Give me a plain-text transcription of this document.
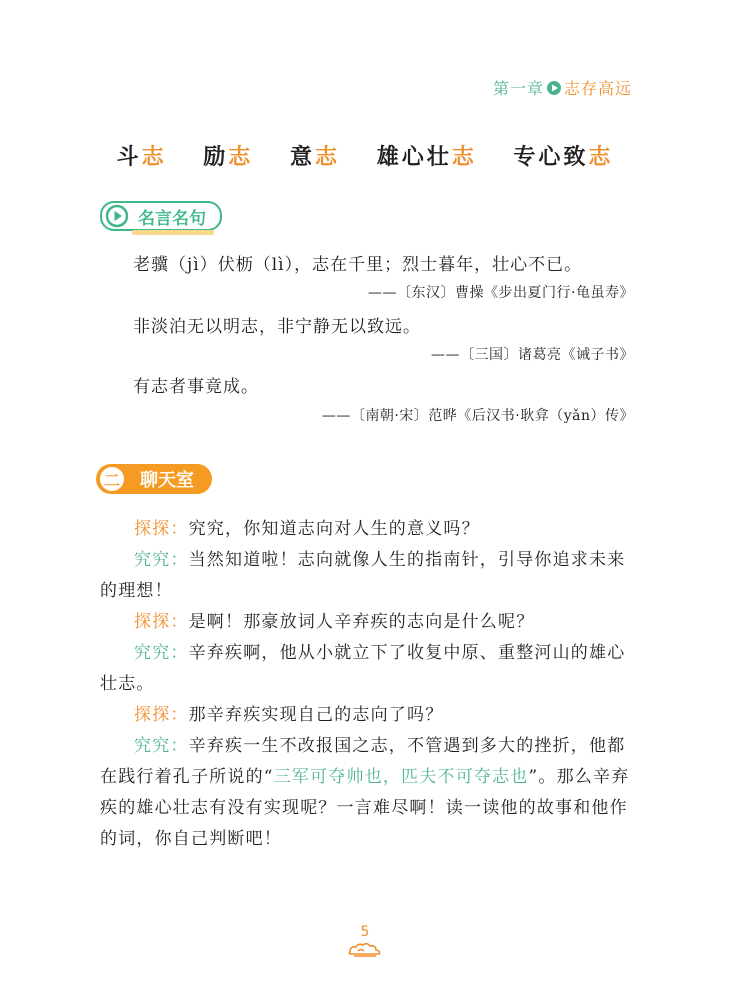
第一章 志存高远
斗志 励志 意志 雄心壮志 专心致志
名言名句
老骥（jì）伏枥（lì），志在千里；烈士暮年，壮心不已。
——〔东汉〕曹操《步出夏门行·龟虽寿》
非淡泊无以明志，非宁静无以致远。
——〔三国〕诸葛亮《诫子书》
有志者事竟成。
——〔南朝·宋〕范晔《后汉书·耿弇（yǎn）传》
二	聊天室

探探：究究，你知道志向对人生的意义吗？

究究：当然知道啦！志向就像人生的指南针，引导你追求未来的理想！

探探：是啊！那豪放词人辛弃疾的志向是什么呢？

究究：辛弃疾啊，他从小就立下了收复中原、重整河山的雄心壮志。

探探：那辛弃疾实现自己的志向了吗？

究究：辛弃疾一生不改报国之志，不管遇到多大的挫折，他都在践行着孔子所说的“三军可夺帅也，匹夫不可夺志也”。那么辛弃疾的雄心壮志有没有实现呢？一言难尽啊！读一读他的故事和他作的词，你自己判断吧！

5
